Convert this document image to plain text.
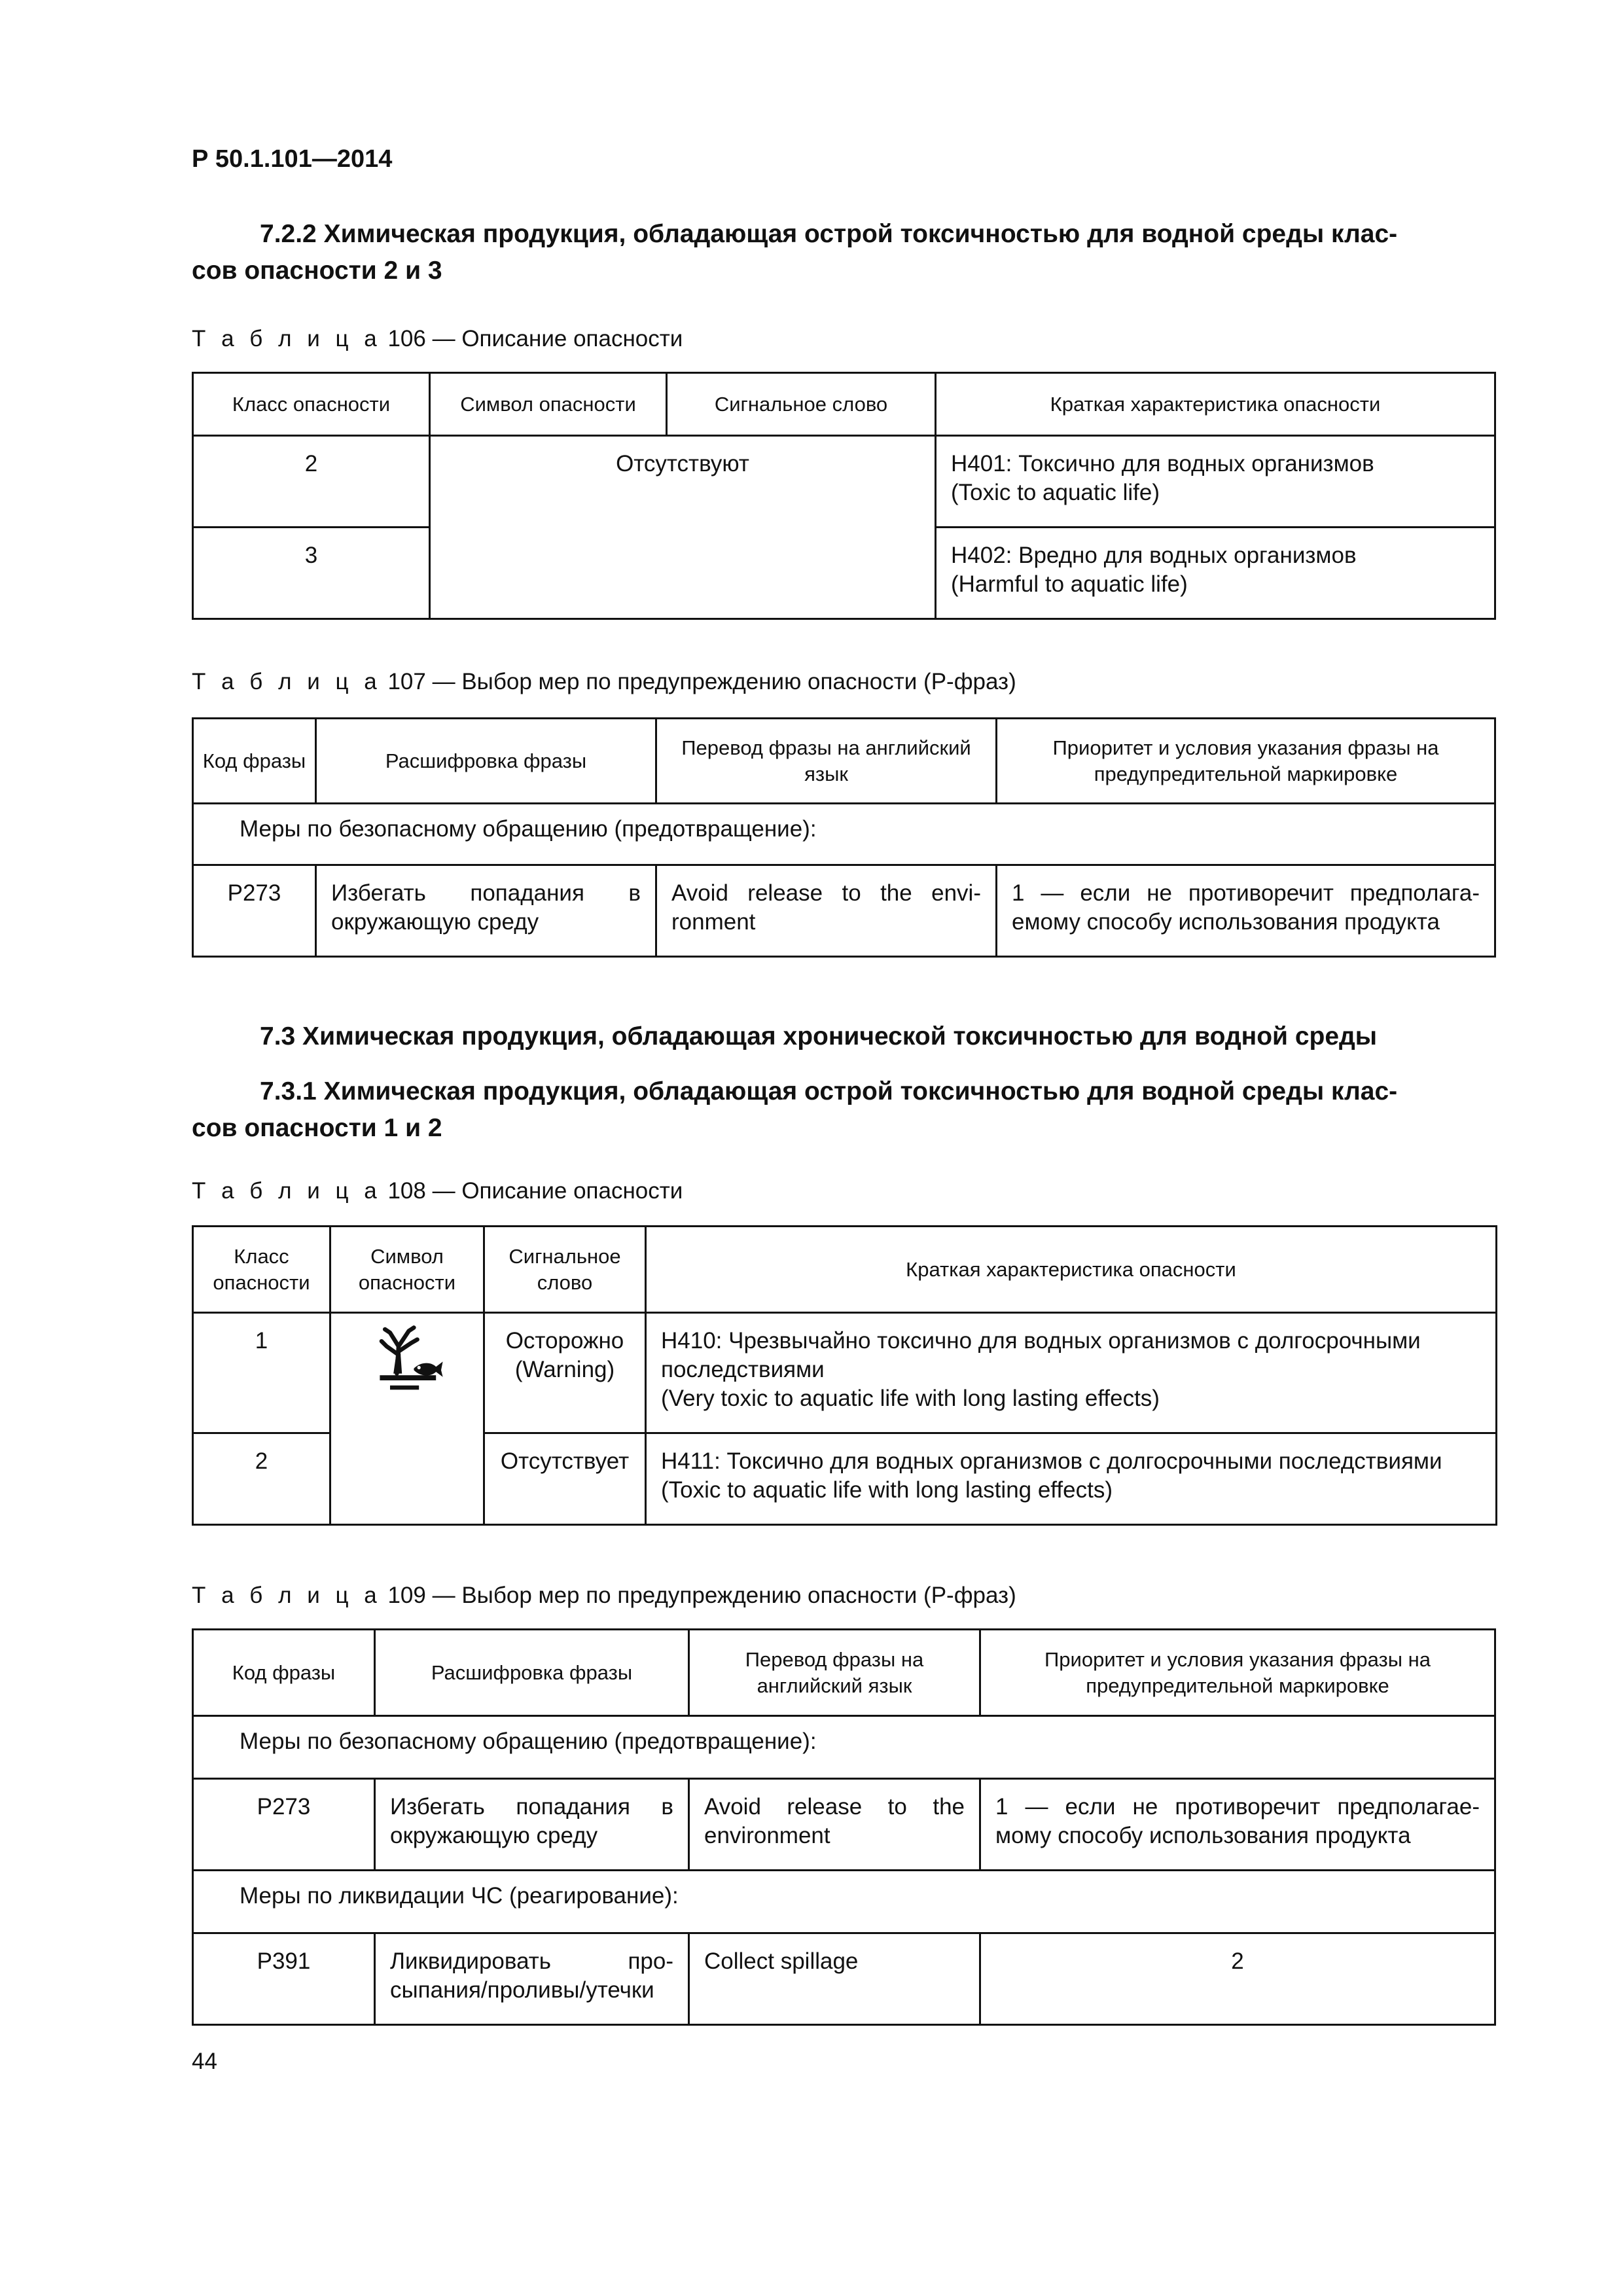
Р 50.1.101—2014
7.2.2 Химическая продукция, обладающая острой токсичностью для водной среды клас-
сов опасности 2 и 3
Т а б л и ц а 106 — Описание опасности
Класс опасности	Символ опасности	Сигнальное слово	Краткая характеристика опасности
2	Отсутствуют		Н401: Токсично для водных организмов
(Toxic to aquatic life)

3			Н402: Вредно для водных организмов
(Harmful to aquatic life)
Т а б л и ц а 107 — Выбор мер по предупреждению опасности (Р-фраз)
Код фразы	Расшифровка фразы	Перевод фразы на английский язык	Приоритет и условия указания фразы на предупредительной маркировке
Меры по безопасному обращению (предотвращение):			
Р273	Избегать попадания в окружающую среду	Avoid release to the envi-ronment	1 — если не противоречит предполага-емому способу использования продукта
7.3 Химическая продукция, обладающая хронической токсичностью для водной среды
7.3.1 Химическая продукция, обладающая острой токсичностью для водной среды клас-
сов опасности 1 и 2
Т а б л и ц а 108 — Описание опасности
Класс опасности	Символ опасности	Сигнальное слово	Краткая характеристика опасности
1		Осторожно (Warning)	Н410: Чрезвычайно токсично для водных организмов с долгосрочными последствиями
(Very toxic to aquatic life with long lasting effects)

2		Отсутствует	Н411: Токсично для водных организмов с долгосрочными последствиями
(Toxic to aquatic life with long lasting effects)
Т а б л и ц а 109 — Выбор мер по предупреждению опасности (Р-фраз)
Код фразы	Расшифровка фразы	Перевод фразы на английский язык	Приоритет и условия указания фразы на предупредительной маркировке
Меры по безопасному обращению (предотвращение):			
Р273	Избегать попадания в окружающую среду	Avoid release to the environment	1 — если не противоречит предполагае-мому способу использования продукта
Меры по ликвидации ЧС (реагирование):			
Р391	Ликвидировать про-сыпания/проливы/утечки	Collect spillage	2
44
